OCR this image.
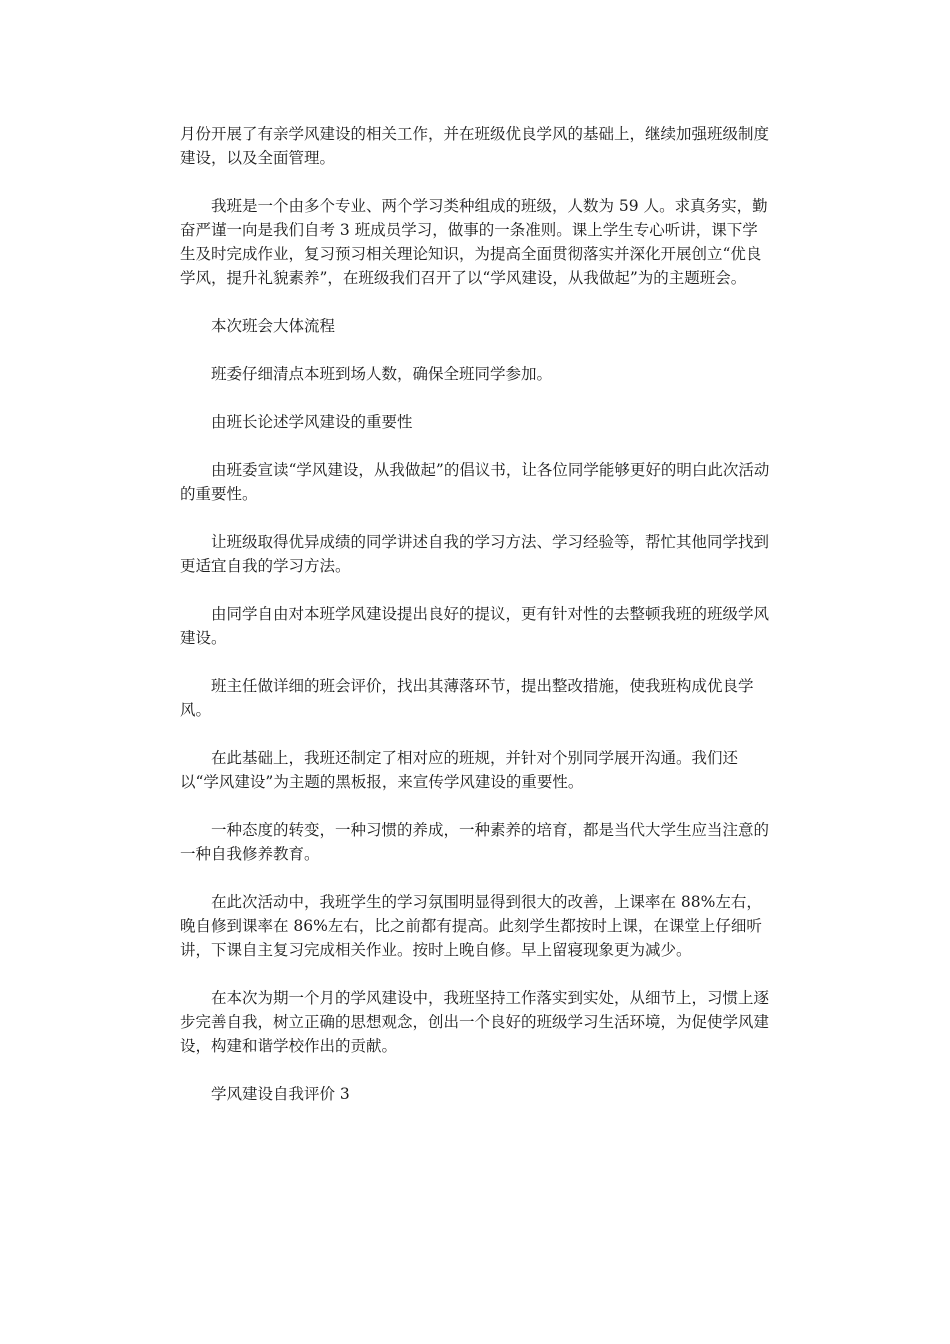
月份开展了有亲学风建设的相关工作，并在班级优良学风的基础上，继续加强班级制度建设，以及全面管理。

我班是一个由多个专业、两个学习类种组成的班级，人数为 59 人。求真务实，勤奋严谨一向是我们自考 3 班成员学习，做事的一条准则。课上学生专心听讲，课下学生及时完成作业，复习预习相关理论知识，为提高全面贯彻落实并深化开展创立“优良学风，提升礼貌素养”，在班级我们召开了以“学风建设，从我做起”为的主题班会。

本次班会大体流程

班委仔细清点本班到场人数，确保全班同学参加。

由班长论述学风建设的重要性

由班委宣读“学风建设，从我做起”的倡议书，让各位同学能够更好的明白此次活动的重要性。

让班级取得优异成绩的同学讲述自我的学习方法、学习经验等，帮忙其他同学找到更适宜自我的学习方法。

由同学自由对本班学风建设提出良好的提议，更有针对性的去整顿我班的班级学风建设。

班主任做详细的班会评价，找出其薄落环节，提出整改措施，使我班构成优良学风。

在此基础上，我班还制定了相对应的班规，并针对个别同学展开沟通。我们还以“学风建设”为主题的黑板报，来宣传学风建设的重要性。

一种态度的转变，一种习惯的养成，一种素养的培育，都是当代大学生应当注意的一种自我修养教育。

在此次活动中，我班学生的学习氛围明显得到很大的改善，上课率在 88%左右，晚自修到课率在 86%左右，比之前都有提高。此刻学生都按时上课，在课堂上仔细听讲，下课自主复习完成相关作业。按时上晚自修。早上留寝现象更为减少。

在本次为期一个月的学风建设中，我班坚持工作落实到实处，从细节上，习惯上逐步完善自我，树立正确的思想观念，创出一个良好的班级学习生活环境，为促使学风建设，构建和谐学校作出的贡献。

学风建设自我评价 3
